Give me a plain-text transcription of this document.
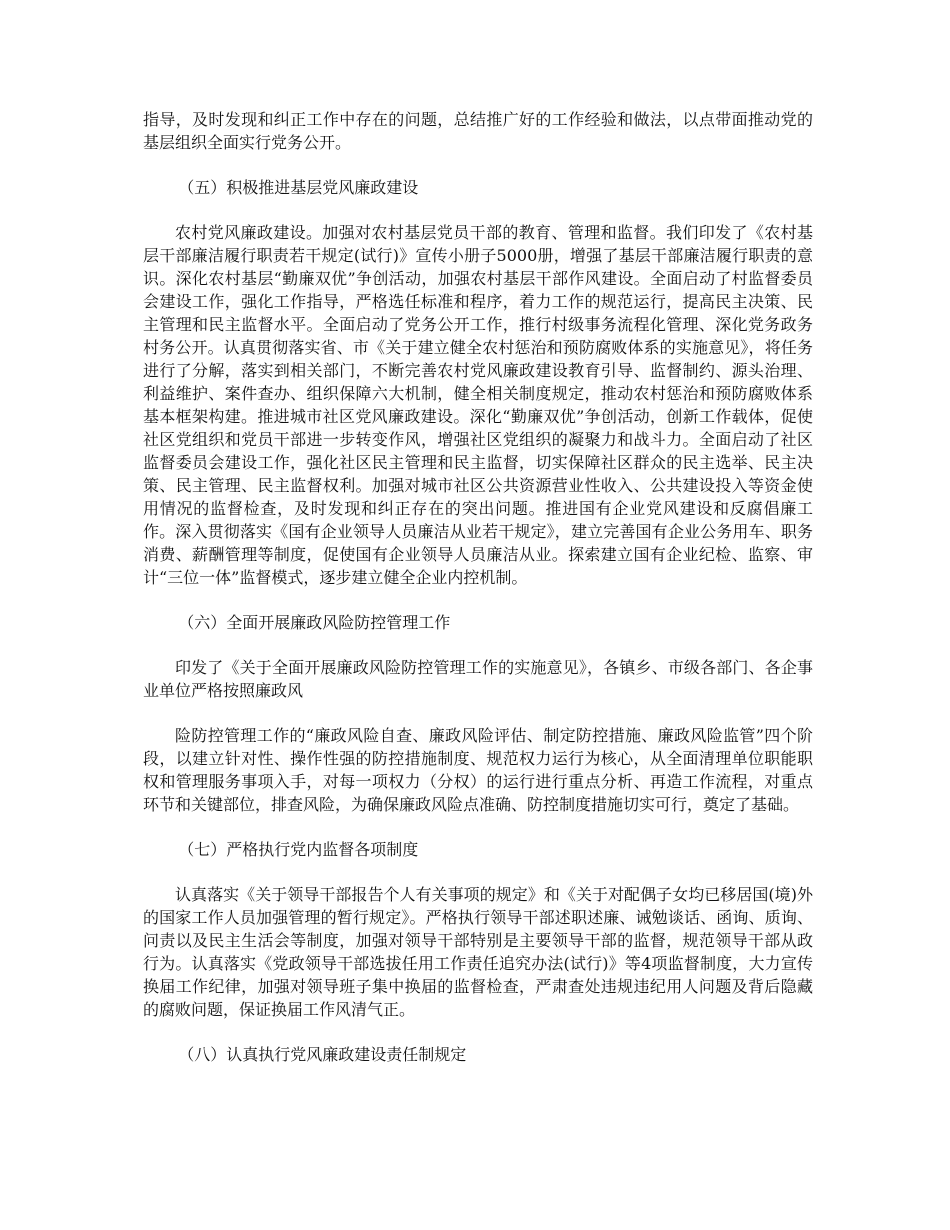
指导，及时发现和纠正工作中存在的问题，总结推广好的工作经验和做法，以点带面推动党的基层组织全面实行党务公开。

（五）积极推进基层党风廉政建设

农村党风廉政建设。加强对农村基层党员干部的教育、管理和监督。我们印发了《农村基层干部廉洁履行职责若干规定(试行)》宣传小册子5000册，增强了基层干部廉洁履行职责的意识。深化农村基层“勤廉双优”争创活动，加强农村基层干部作风建设。全面启动了村监督委员会建设工作，强化工作指导，严格选任标准和程序，着力工作的规范运行，提高民主决策、民主管理和民主监督水平。全面启动了党务公开工作，推行村级事务流程化管理、深化党务政务村务公开。认真贯彻落实省、市《关于建立健全农村惩治和预防腐败体系的实施意见》，将任务进行了分解，落实到相关部门，不断完善农村党风廉政建设教育引导、监督制约、源头治理、利益维护、案件查办、组织保障六大机制，健全相关制度规定，推动农村惩治和预防腐败体系基本框架构建。推进城市社区党风廉政建设。深化“勤廉双优”争创活动，创新工作载体，促使社区党组织和党员干部进一步转变作风，增强社区党组织的凝聚力和战斗力。全面启动了社区监督委员会建设工作，强化社区民主管理和民主监督，切实保障社区群众的民主选举、民主决策、民主管理、民主监督权利。加强对城市社区公共资源营业性收入、公共建设投入等资金使用情况的监督检查，及时发现和纠正存在的突出问题。推进国有企业党风建设和反腐倡廉工作。深入贯彻落实《国有企业领导人员廉洁从业若干规定》，建立完善国有企业公务用车、职务消费、薪酬管理等制度，促使国有企业领导人员廉洁从业。探索建立国有企业纪检、监察、审计“三位一体”监督模式，逐步建立健全企业内控机制。

（六）全面开展廉政风险防控管理工作

印发了《关于全面开展廉政风险防控管理工作的实施意见》，各镇乡、市级各部门、各企事业单位严格按照廉政风

险防控管理工作的“廉政风险自查、廉政风险评估、制定防控措施、廉政风险监管”四个阶段，以建立针对性、操作性强的防控措施制度、规范权力运行为核心，从全面清理单位职能职权和管理服务事项入手，对每一项权力（分权）的运行进行重点分析、再造工作流程，对重点环节和关键部位，排查风险，为确保廉政风险点准确、防控制度措施切实可行，奠定了基础。

（七）严格执行党内监督各项制度

认真落实《关于领导干部报告个人有关事项的规定》和《关于对配偶子女均已移居国(境)外的国家工作人员加强管理的暂行规定》。严格执行领导干部述职述廉、诫勉谈话、函询、质询、问责以及民主生活会等制度，加强对领导干部特别是主要领导干部的监督，规范领导干部从政行为。认真落实《党政领导干部选拔任用工作责任追究办法(试行)》等4项监督制度，大力宣传换届工作纪律，加强对领导班子集中换届的监督检查，严肃查处违规违纪用人问题及背后隐藏的腐败问题，保证换届工作风清气正。

（八）认真执行党风廉政建设责任制规定
